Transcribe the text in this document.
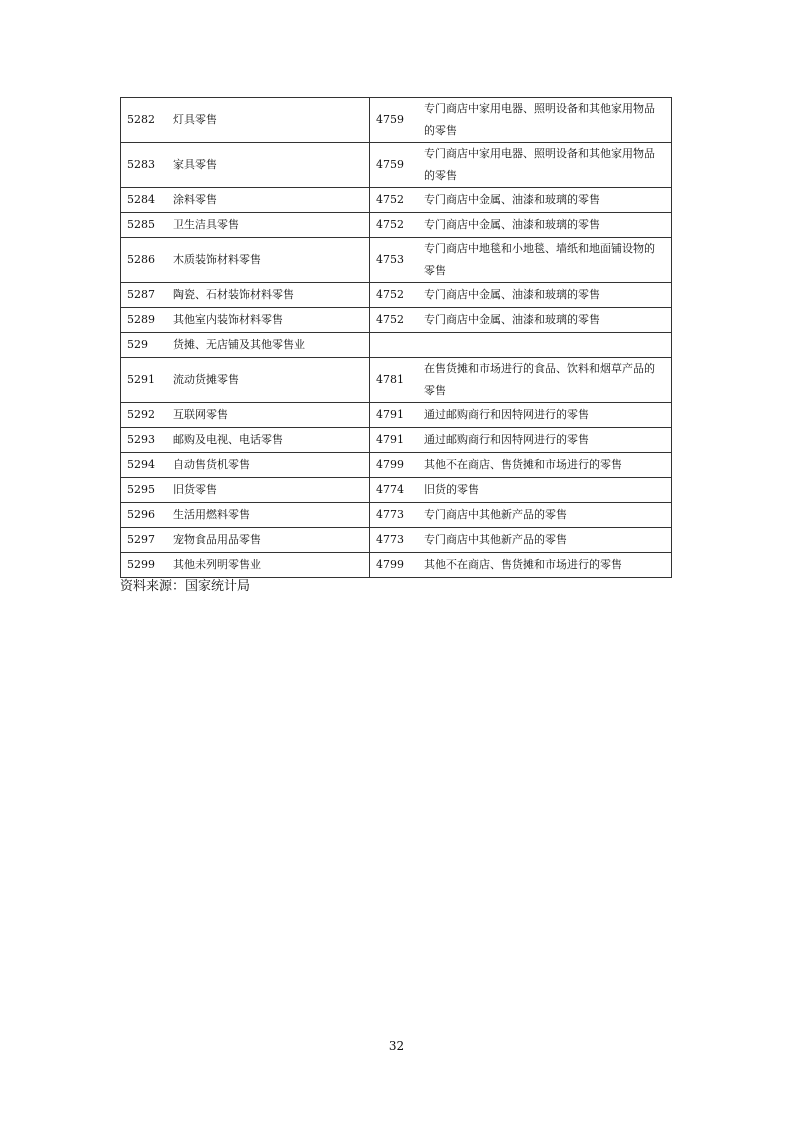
5282	灯具零售	4759	专门商店中家用电器、照明设备和其他家用物品的零售
5283	家具零售	4759	专门商店中家用电器、照明设备和其他家用物品的零售
5284	涂料零售	4752	专门商店中金属、油漆和玻璃的零售
5285	卫生洁具零售	4752	专门商店中金属、油漆和玻璃的零售
5286	木质装饰材料零售	4753	专门商店中地毯和小地毯、墙纸和地面铺设物的零售
5287	陶瓷、石材装饰材料零售	4752	专门商店中金属、油漆和玻璃的零售
5289	其他室内装饰材料零售	4752	专门商店中金属、油漆和玻璃的零售
529	货摊、无店铺及其他零售业		
5291	流动货摊零售	4781	在售货摊和市场进行的食品、饮料和烟草产品的零售
5292	互联网零售	4791	通过邮购商行和因特网进行的零售
5293	邮购及电视、电话零售	4791	通过邮购商行和因特网进行的零售
5294	自动售货机零售	4799	其他不在商店、售货摊和市场进行的零售
5295	旧货零售	4774	旧货的零售
5296	生活用燃料零售	4773	专门商店中其他新产品的零售
5297	宠物食品用品零售	4773	专门商店中其他新产品的零售
5299	其他未列明零售业	4799	其他不在商店、售货摊和市场进行的零售
资料来源：国家统计局
32
